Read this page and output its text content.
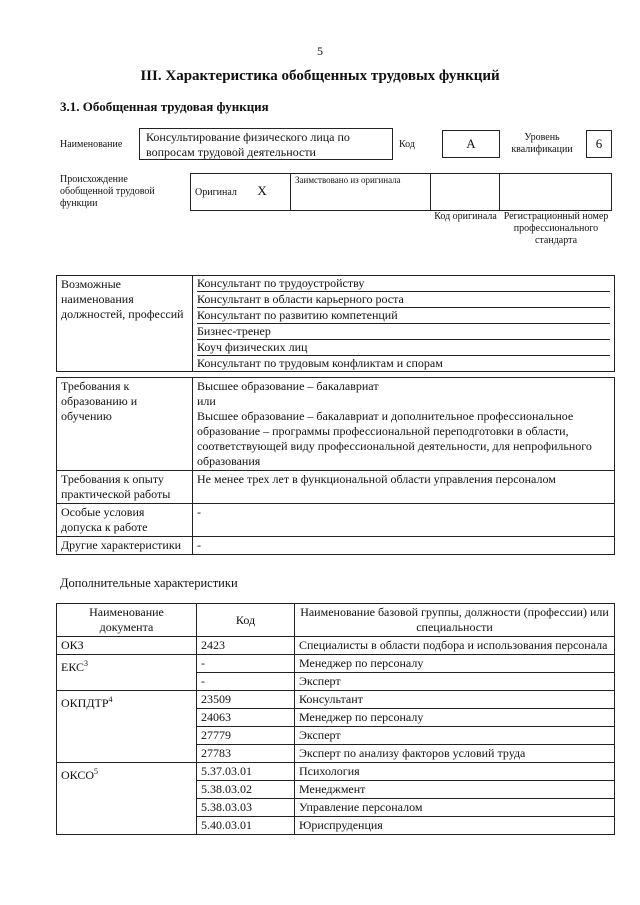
5
III. Характеристика обобщенных трудовых функций
3.1. Обобщенная трудовая функция
Наименование
Консультирование физического лица по вопросам трудовой деятельности
Код	А	Уровень квалификации	6
Происхождение обобщенной трудовой функции
Оригинал X	Заимствовано из оригинала		
Код оригинала Регистрационный номер профессионального стандарта
Возможные наименования должностей, профессий	
Консультант по трудоустройству
Консультант в области карьерного роста
Консультант по развитию компетенций
Бизнес-тренер
Коуч физических лиц
Консультант по трудовым конфликтам и спорам
Требования к образованию и обучению	Высшее образование – бакалавриат
или
Высшее образование – бакалавриат и дополнительное профессиональное образование – программы профессиональной переподготовки в области, соответствующей виду профессиональной деятельности, для непрофильного образования
Требования к опыту практической работы	Не менее трех лет в функциональной области управления персоналом
Особые условия допуска к работе	-
Другие характеристики	-
Дополнительные характеристики
Наименование документа	Код	Наименование базовой группы, должности (профессии) или специальности
ОКЗ	2423	Специалисты в области подбора и использования персонала
ЕКС$^3$	-	Менеджер по персоналу
	-	Эксперт
ОКПДТР$^4$	23509	Консультант
	24063	Менеджер по персоналу
	27779	Эксперт
	27783	Эксперт по анализу факторов условий труда
ОКСО$^5$	5.37.03.01	Психология
	5.38.03.02	Менеджмент
	5.38.03.03	Управление персоналом
	5.40.03.01	Юриспруденция
